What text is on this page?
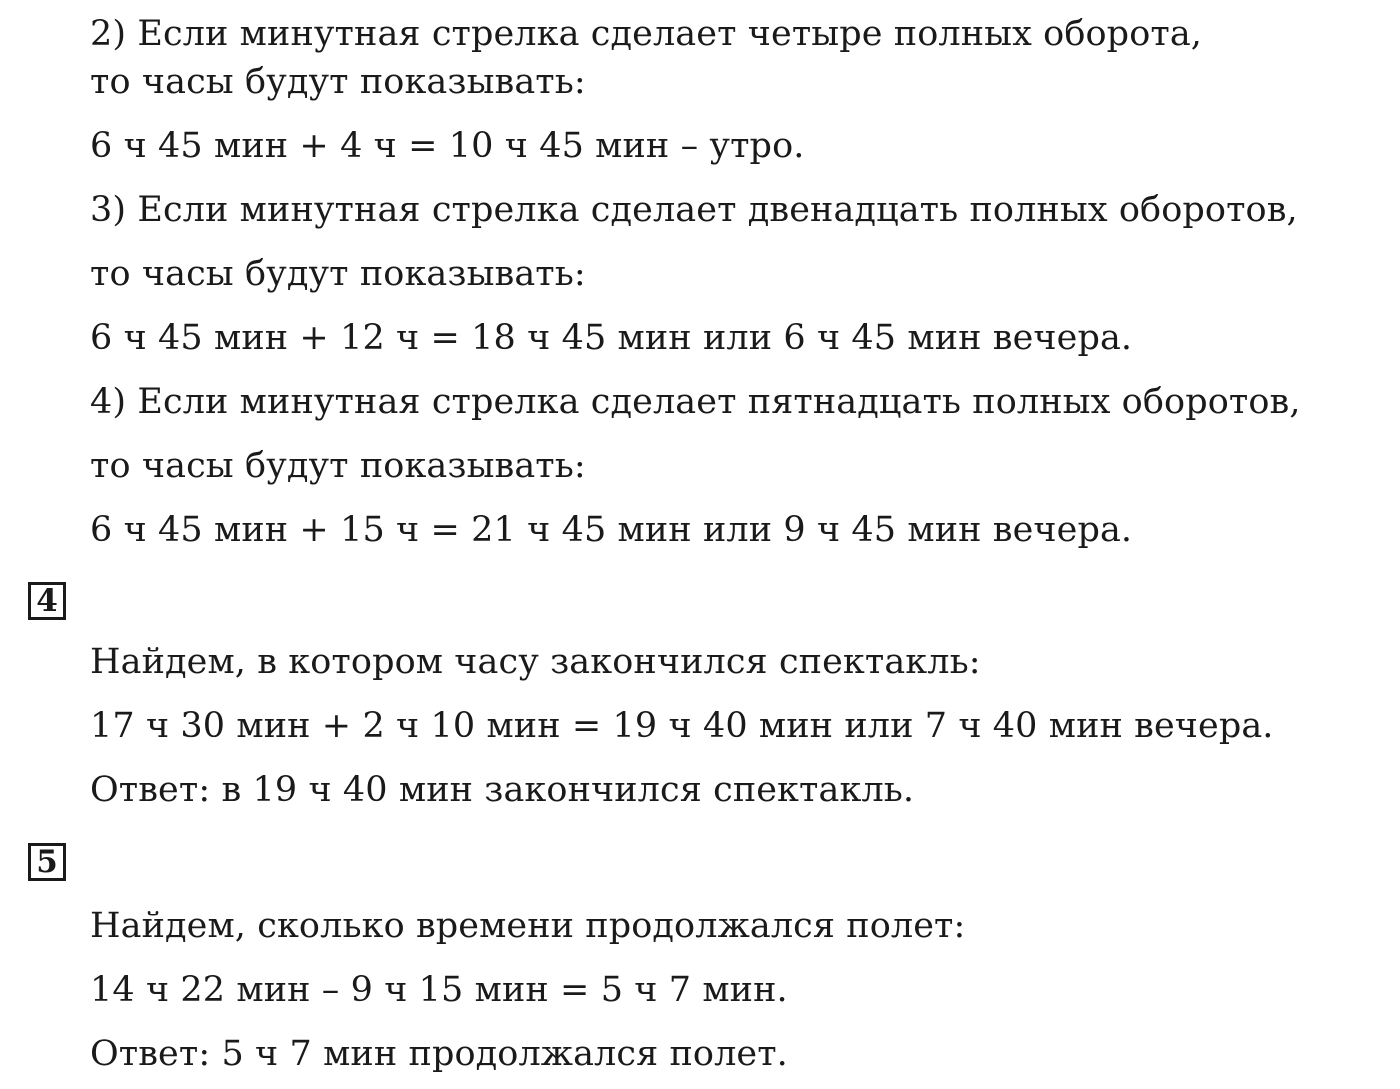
2) Если минутная стрелка сделает четыре полных оборота,
то часы будут показывать:
6 ч 45 мин + 4 ч = 10 ч 45 мин – утро.
3) Если минутная стрелка сделает двенадцать полных оборотов,
то часы будут показывать:
6 ч 45 мин + 12 ч = 18 ч 45 мин или 6 ч 45 мин вечера.
4) Если минутная стрелка сделает пятнадцать полных оборотов,
то часы будут показывать:
6 ч 45 мин + 15 ч = 21 ч 45 мин или 9 ч 45 мин вечера.
4
Найдем, в котором часу закончился спектакль:
17 ч 30 мин + 2 ч 10 мин = 19 ч 40 мин или 7 ч 40 мин вечера.
Ответ: в 19 ч 40 мин закончился спектакль.
5
Найдем, сколько времени продолжался полет:
14 ч 22 мин – 9 ч 15 мин = 5 ч 7 мин.
Ответ: 5 ч 7 мин продолжался полет.
